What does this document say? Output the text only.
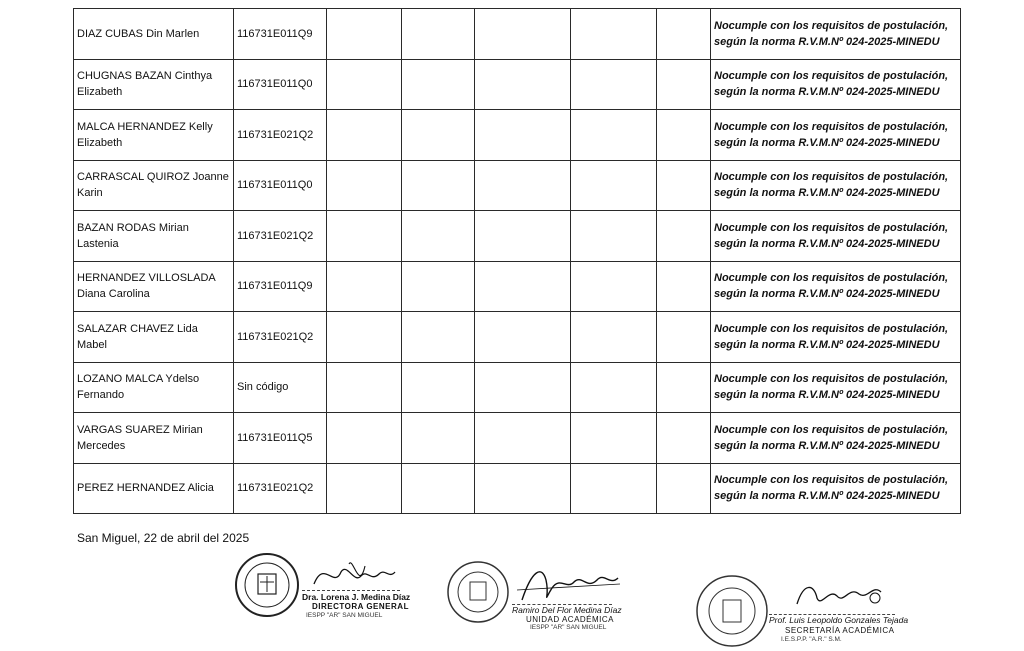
DIAZ CUBAS Din Marlen	116731E011Q9						Nocumple con los requisitos de postulación, según la norma R.V.M.Nº 024-2025-MINEDU
CHUGNAS BAZAN Cinthya Elizabeth	116731E011Q0						Nocumple con los requisitos de postulación, según la norma R.V.M.Nº 024-2025-MINEDU
MALCA HERNANDEZ Kelly Elizabeth	116731E021Q2						Nocumple con los requisitos de postulación, según la norma R.V.M.Nº 024-2025-MINEDU
CARRASCAL QUIROZ Joanne Karin	116731E011Q0						Nocumple con los requisitos de postulación, según la norma R.V.M.Nº 024-2025-MINEDU
BAZAN RODAS Mirian Lastenia	116731E021Q2						Nocumple con los requisitos de postulación, según la norma R.V.M.Nº 024-2025-MINEDU
HERNANDEZ VILLOSLADA Diana Carolina	116731E011Q9						Nocumple con los requisitos de postulación, según la norma R.V.M.Nº 024-2025-MINEDU
SALAZAR CHAVEZ Lida Mabel	116731E021Q2						Nocumple con los requisitos de postulación, según la norma R.V.M.Nº 024-2025-MINEDU
LOZANO MALCA Ydelso Fernando	Sin código						Nocumple con los requisitos de postulación, según la norma R.V.M.Nº 024-2025-MINEDU
VARGAS SUAREZ Mirian Mercedes	116731E011Q5						Nocumple con los requisitos de postulación, según la norma R.V.M.Nº 024-2025-MINEDU
PEREZ HERNANDEZ Alicia	116731E021Q2						Nocumple con los requisitos de postulación, según la norma R.V.M.Nº 024-2025-MINEDU
San Miguel, 22 de abril del 2025
Dra. Lorena J. Medina Díaz
DIRECTORA GENERAL
IESPP "AR" SAN MIGUEL
Ramiro Del Flor Medina Díaz
UNIDAD ACADÉMICA
IESPP "AR" SAN MIGUEL
Prof. Luis Leopoldo Gonzales Tejada
SECRETARÍA ACADÉMICA
I.E.S.P.P. "A.R." S.M.
